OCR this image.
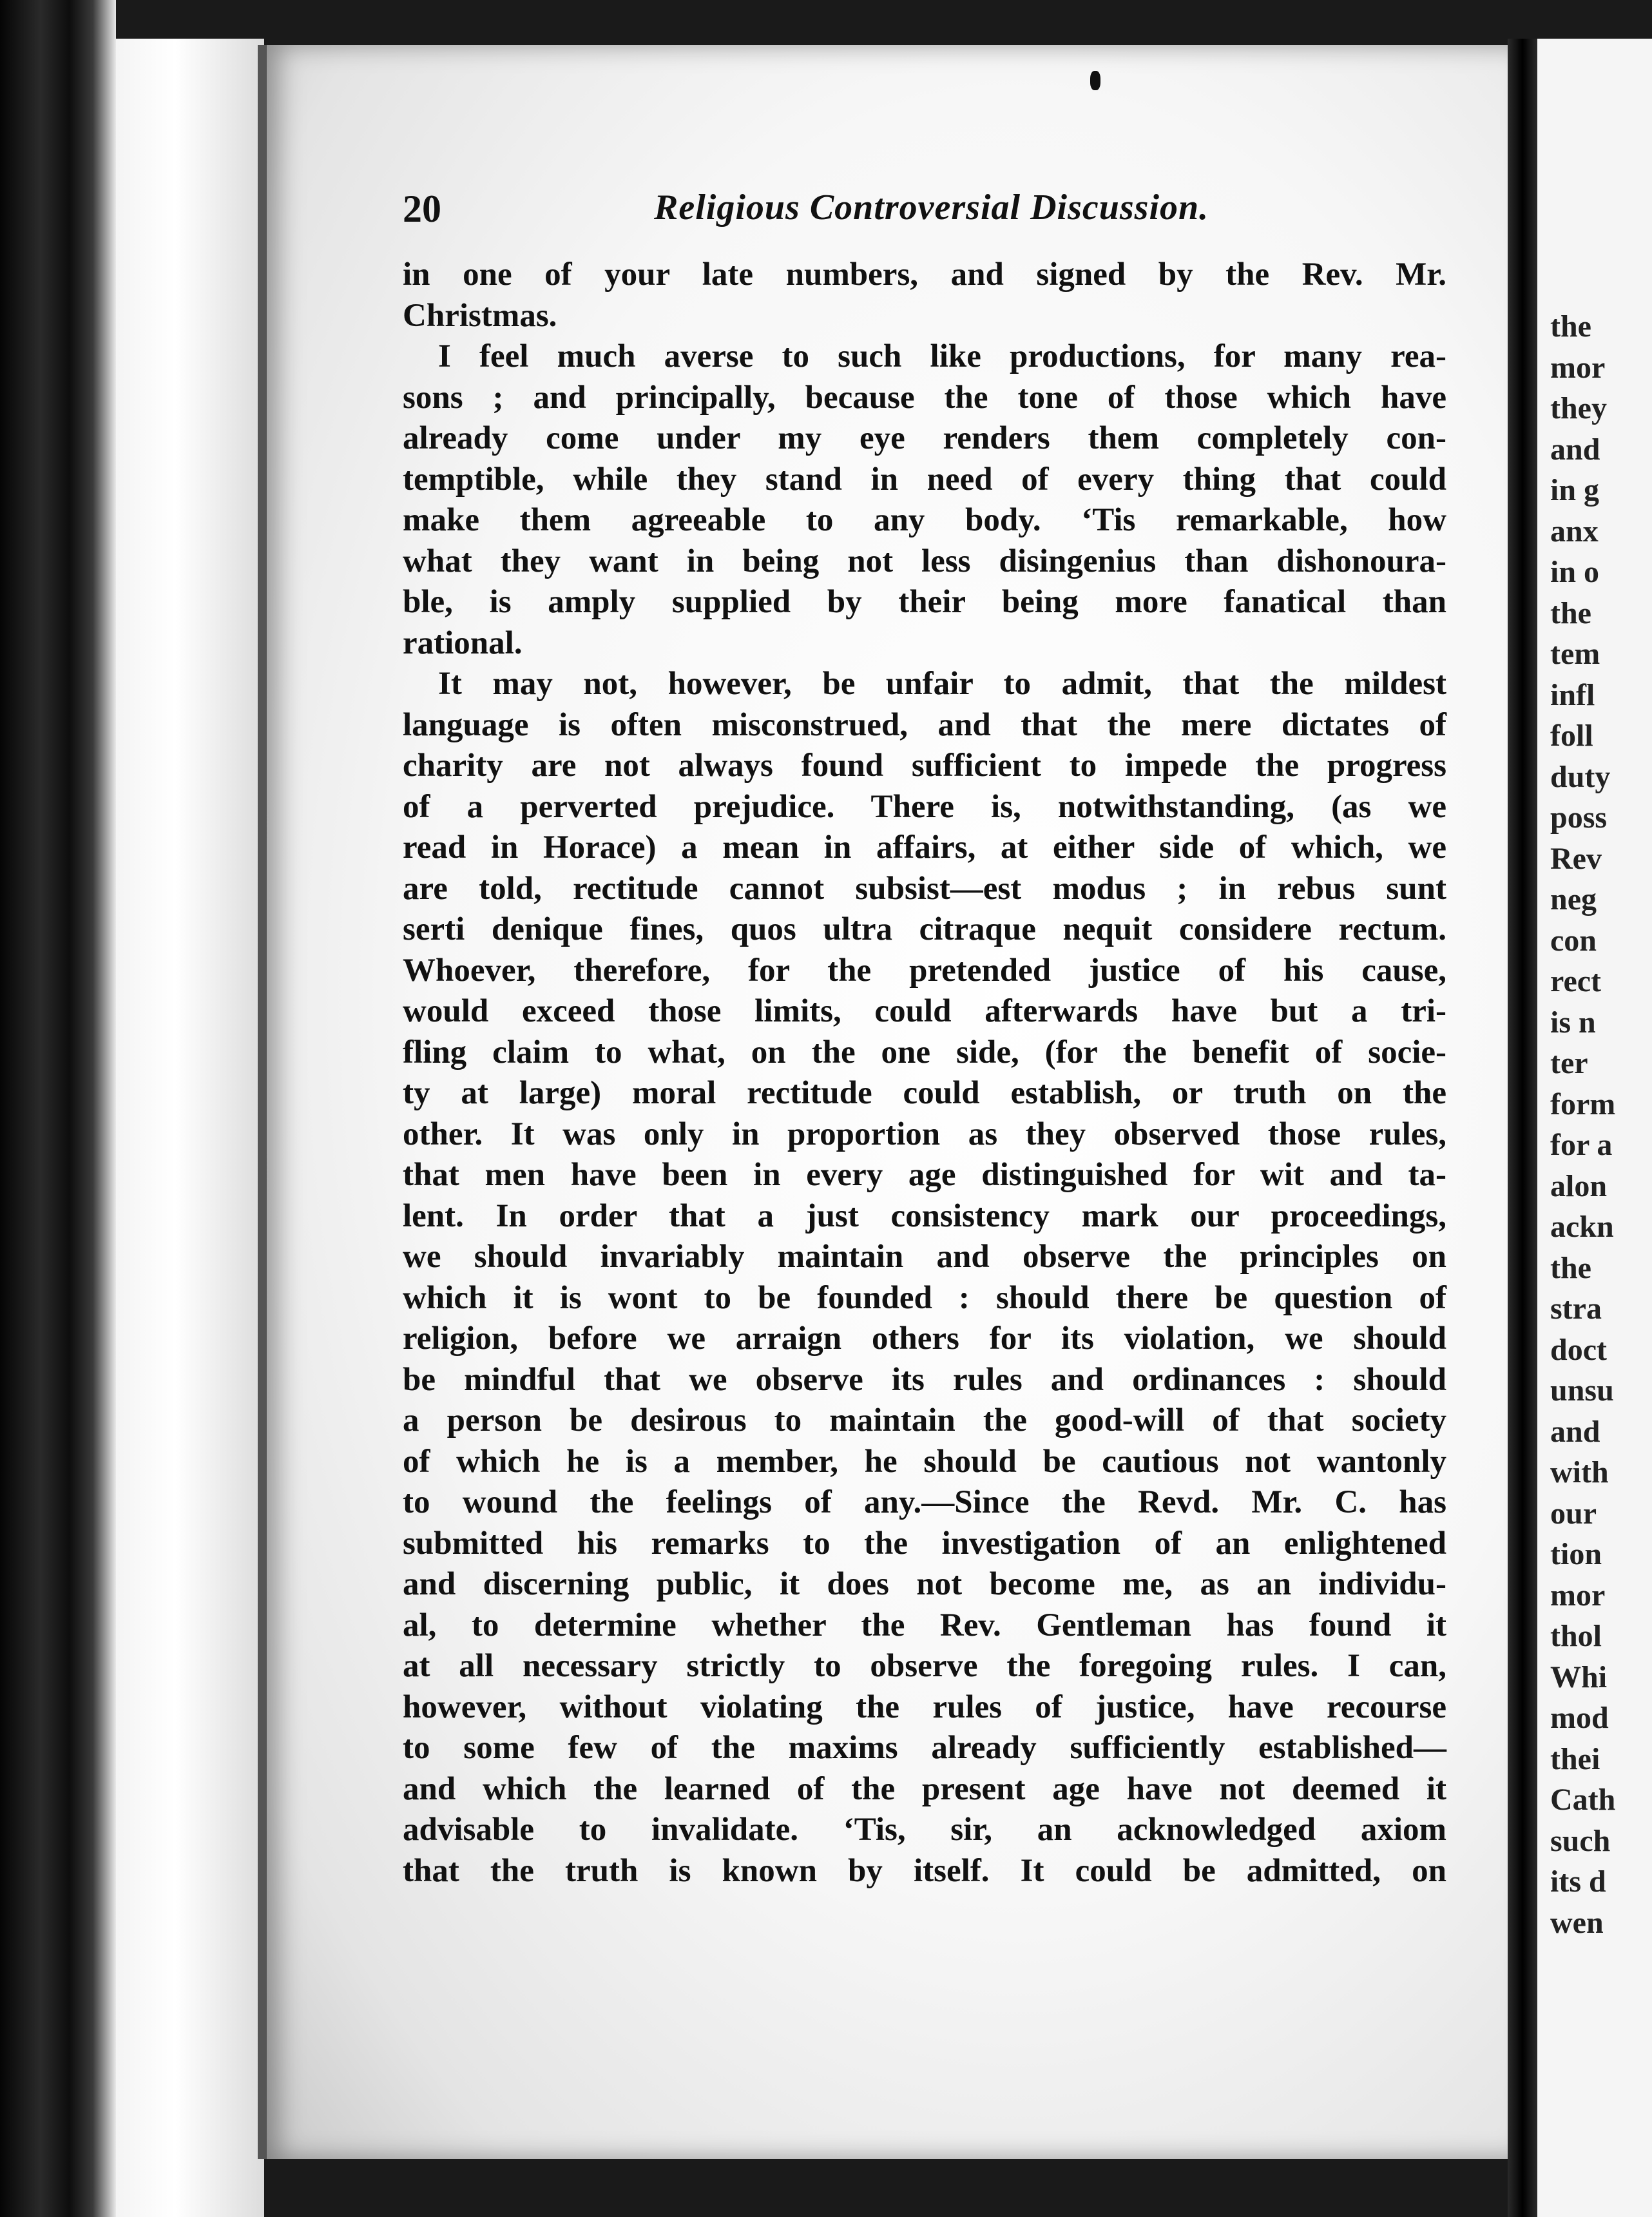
20	Religious Controversial Discussion.
in one of your late numbers, and signed by the Rev. Mr.
Christmas.
I feel much averse to such like productions, for many rea-
sons ; and principally, because the tone of those which have
already come under my eye renders them completely con-
temptible, while they stand in need of every thing that could
make them agreeable to any body. ‘Tis remarkable, how
what they want in being not less disingenius than dishonoura-
ble, is amply supplied by their being more fanatical than
rational.
It may not, however, be unfair to admit, that the mildest
language is often misconstrued, and that the mere dictates of
charity are not always found sufficient to impede the progress
of a perverted prejudice. There is, notwithstanding, (as we
read in Horace) a mean in affairs, at either side of which, we
are told, rectitude cannot subsist—est modus ; in rebus sunt
serti denique fines, quos ultra citraque nequit considere rectum.
Whoever, therefore, for the pretended justice of his cause,
would exceed those limits, could afterwards have but a tri-
fling claim to what, on the one side, (for the benefit of socie-
ty at large) moral rectitude could establish, or truth on the
other. It was only in proportion as they observed those rules,
that men have been in every age distinguished for wit and ta-
lent. In order that a just consistency mark our proceedings,
we should invariably maintain and observe the principles on
which it is wont to be founded : should there be question of
religion, before we arraign others for its violation, we should
be mindful that we observe its rules and ordinances : should
a person be desirous to maintain the good-will of that society
of which he is a member, he should be cautious not wantonly
to wound the feelings of any.—Since the Revd. Mr. C. has
submitted his remarks to the investigation of an enlightened
and discerning public, it does not become me, as an individu-
al, to determine whether the Rev. Gentleman has found it
at all necessary strictly to observe the foregoing rules. I can,
however, without violating the rules of justice, have recourse
to some few of the maxims already sufficiently established—
and which the learned of the present age have not deemed it
advisable to invalidate. ‘Tis, sir, an acknowledged axiom
that the truth is known by itself. It could be admitted, on
the
mor
they
and
in g
anx
in o
the
tem
infl
foll
duty
poss
Rev
neg
con
rect
is n
ter
form
for a
alon
ackn
the
stra
doct
unsu
and
with
our
tion
mor
thol
Whi
mod
thei
Cath
such
its d
wen
